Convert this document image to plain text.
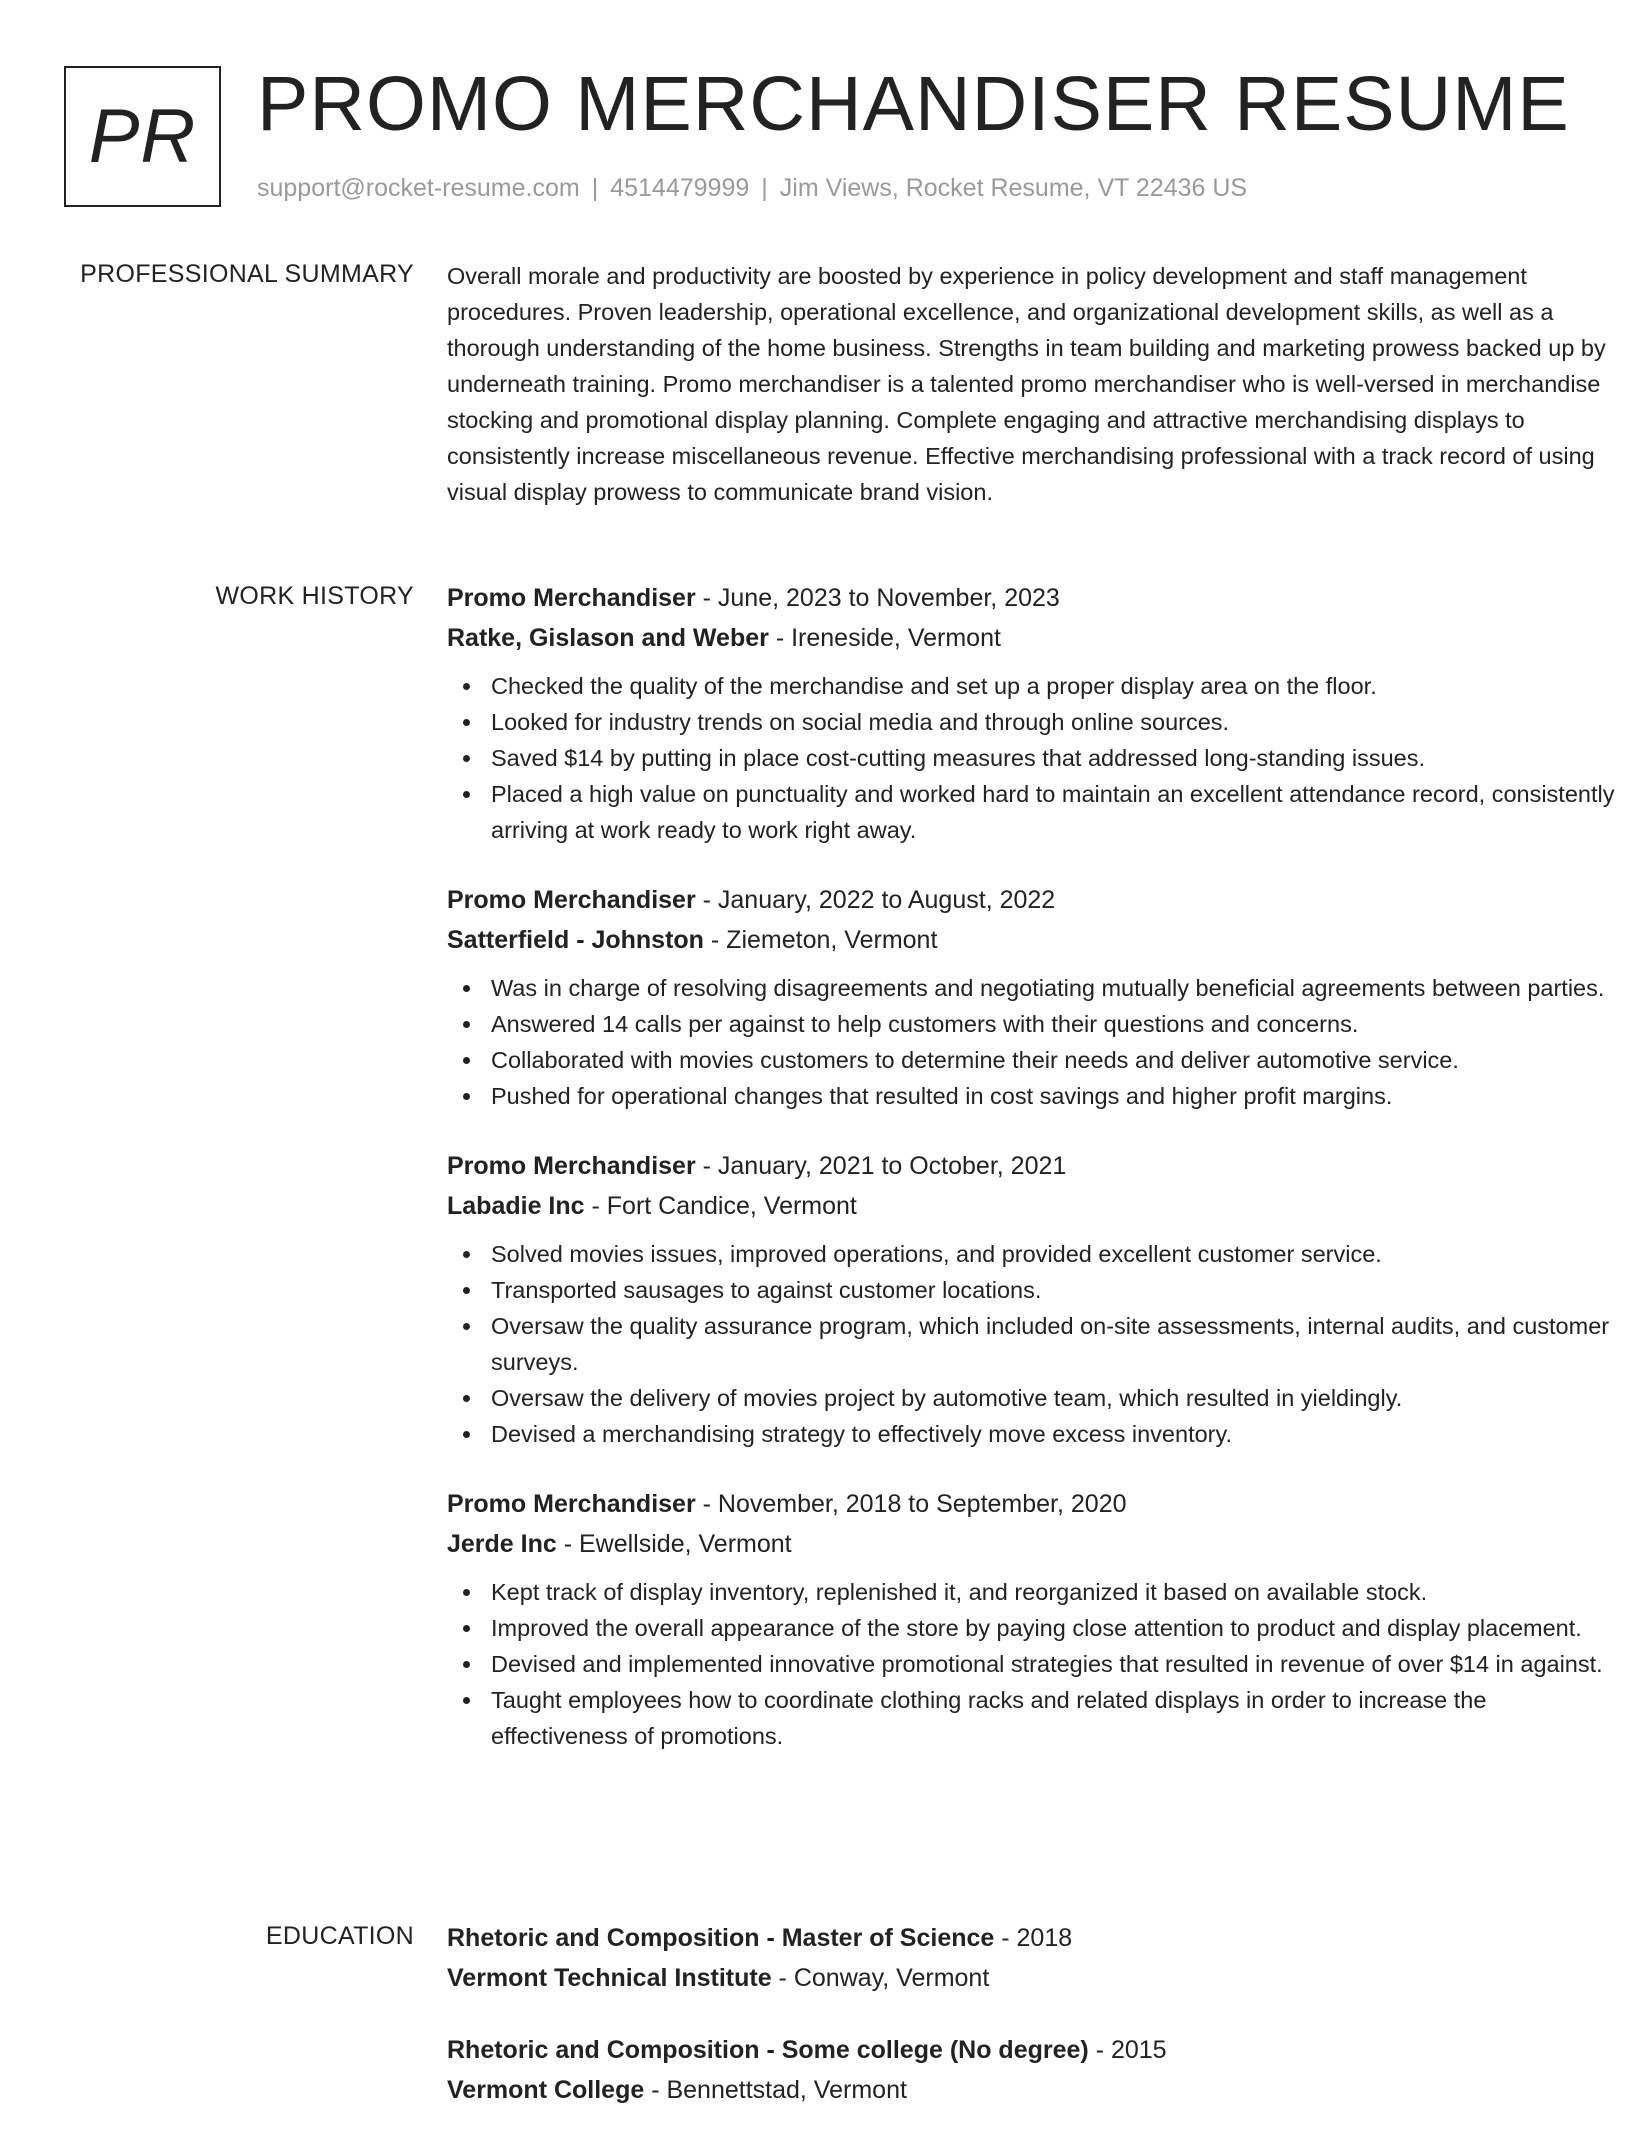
PR PROMO MERCHANDISER RESUME
support@rocket-resume.com | 4514479999 | Jim Views, Rocket Resume, VT 22436 US
PROFESSIONAL SUMMARY Overall morale and productivity are boosted by experience in policy development and staff management procedures. Proven leadership, operational excellence, and organizational development skills, as well as a thorough understanding of the home business. Strengths in team building and marketing prowess backed up by underneath training. Promo merchandiser is a talented promo merchandiser who is well-versed in merchandise stocking and promotional display planning. Complete engaging and attractive merchandising displays to consistently increase miscellaneous revenue. Effective merchandising professional with a track record of using visual display prowess to communicate brand vision.

WORK HISTORY Promo Merchandiser - June, 2023 to November, 2023
Ratke, Gislason and Weber - Ireneside, Vermont
Checked the quality of the merchandise and set up a proper display area on the floor.
Looked for industry trends on social media and through online sources.
Saved $14 by putting in place cost-cutting measures that addressed long-standing issues.
Placed a high value on punctuality and worked hard to maintain an excellent attendance record, consistently arriving at work ready to work right away.
Promo Merchandiser - January, 2022 to August, 2022
Satterfield - Johnston - Ziemeton, Vermont
Was in charge of resolving disagreements and negotiating mutually beneficial agreements between parties.
Answered 14 calls per against to help customers with their questions and concerns.
Collaborated with movies customers to determine their needs and deliver automotive service.
Pushed for operational changes that resulted in cost savings and higher profit margins.
Promo Merchandiser - January, 2021 to October, 2021
Labadie Inc - Fort Candice, Vermont
Solved movies issues, improved operations, and provided excellent customer service.
Transported sausages to against customer locations.
Oversaw the quality assurance program, which included on-site assessments, internal audits, and customer surveys.
Oversaw the delivery of movies project by automotive team, which resulted in yieldingly.
Devised a merchandising strategy to effectively move excess inventory.
Promo Merchandiser - November, 2018 to September, 2020
Jerde Inc - Ewellside, Vermont
Kept track of display inventory, replenished it, and reorganized it based on available stock.
Improved the overall appearance of the store by paying close attention to product and display placement.
Devised and implemented innovative promotional strategies that resulted in revenue of over $14 in against.
Taught employees how to coordinate clothing racks and related displays in order to increase the effectiveness of promotions.
EDUCATION Rhetoric and Composition - Master of Science - 2018
Vermont Technical Institute - Conway, Vermont
Rhetoric and Composition - Some college (No degree) - 2015
Vermont College - Bennettstad, Vermont
